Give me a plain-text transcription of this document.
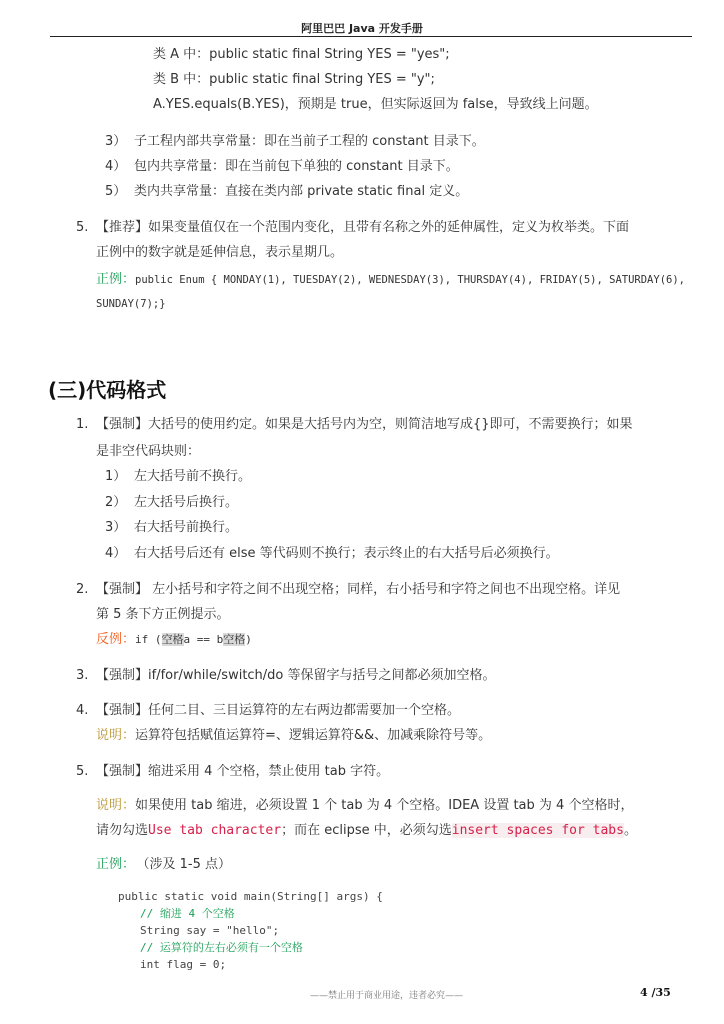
阿里巴巴 Java 开发手册
类 A 中：public static final String YES = "yes";
类 B 中：public static final String YES = "y";
A.YES.equals(B.YES)，预期是 true，但实际返回为 false，导致线上问题。
3） 子工程内部共享常量：即在当前子工程的 constant 目录下。
4） 包内共享常量：即在当前包下单独的 constant 目录下。
5） 类内共享常量：直接在类内部 private static final 定义。
5. 【推荐】如果变量值仅在一个范围内变化，且带有名称之外的延伸属性，定义为枚举类。下面
正例中的数字就是延伸信息，表示星期几。
正例：public Enum { MONDAY(1), TUESDAY(2), WEDNESDAY(3), THURSDAY(4), FRIDAY(5), SATURDAY(6),
SUNDAY(7);}
(三)代码格式
1. 【强制】大括号的使用约定。如果是大括号内为空，则简洁地写成{}即可，不需要换行；如果
是非空代码块则：
1） 左大括号前不换行。
2） 左大括号后换行。
3） 右大括号前换行。
4） 右大括号后还有 else 等代码则不换行；表示终止的右大括号后必须换行。
2. 【强制】 左小括号和字符之间不出现空格；同样，右小括号和字符之间也不出现空格。详见
第 5 条下方正例提示。
反例：if (空格a == b空格)
3. 【强制】if/for/while/switch/do 等保留字与括号之间都必须加空格。
4. 【强制】任何二目、三目运算符的左右两边都需要加一个空格。
说明：运算符包括赋值运算符=、逻辑运算符&&、加减乘除符号等。
5. 【强制】缩进采用 4 个空格，禁止使用 tab 字符。
说明：如果使用 tab 缩进，必须设置 1 个 tab 为 4 个空格。IDEA 设置 tab 为 4 个空格时，
请勿勾选Use tab character；而在 eclipse 中，必须勾选insert spaces for tabs。
正例： （涉及 1-5 点）
public static void main(String[] args) {
// 缩进 4 个空格
String say = "hello";
// 运算符的左右必须有一个空格
int flag = 0;
——禁止用于商业用途，违者必究——	4 /35
